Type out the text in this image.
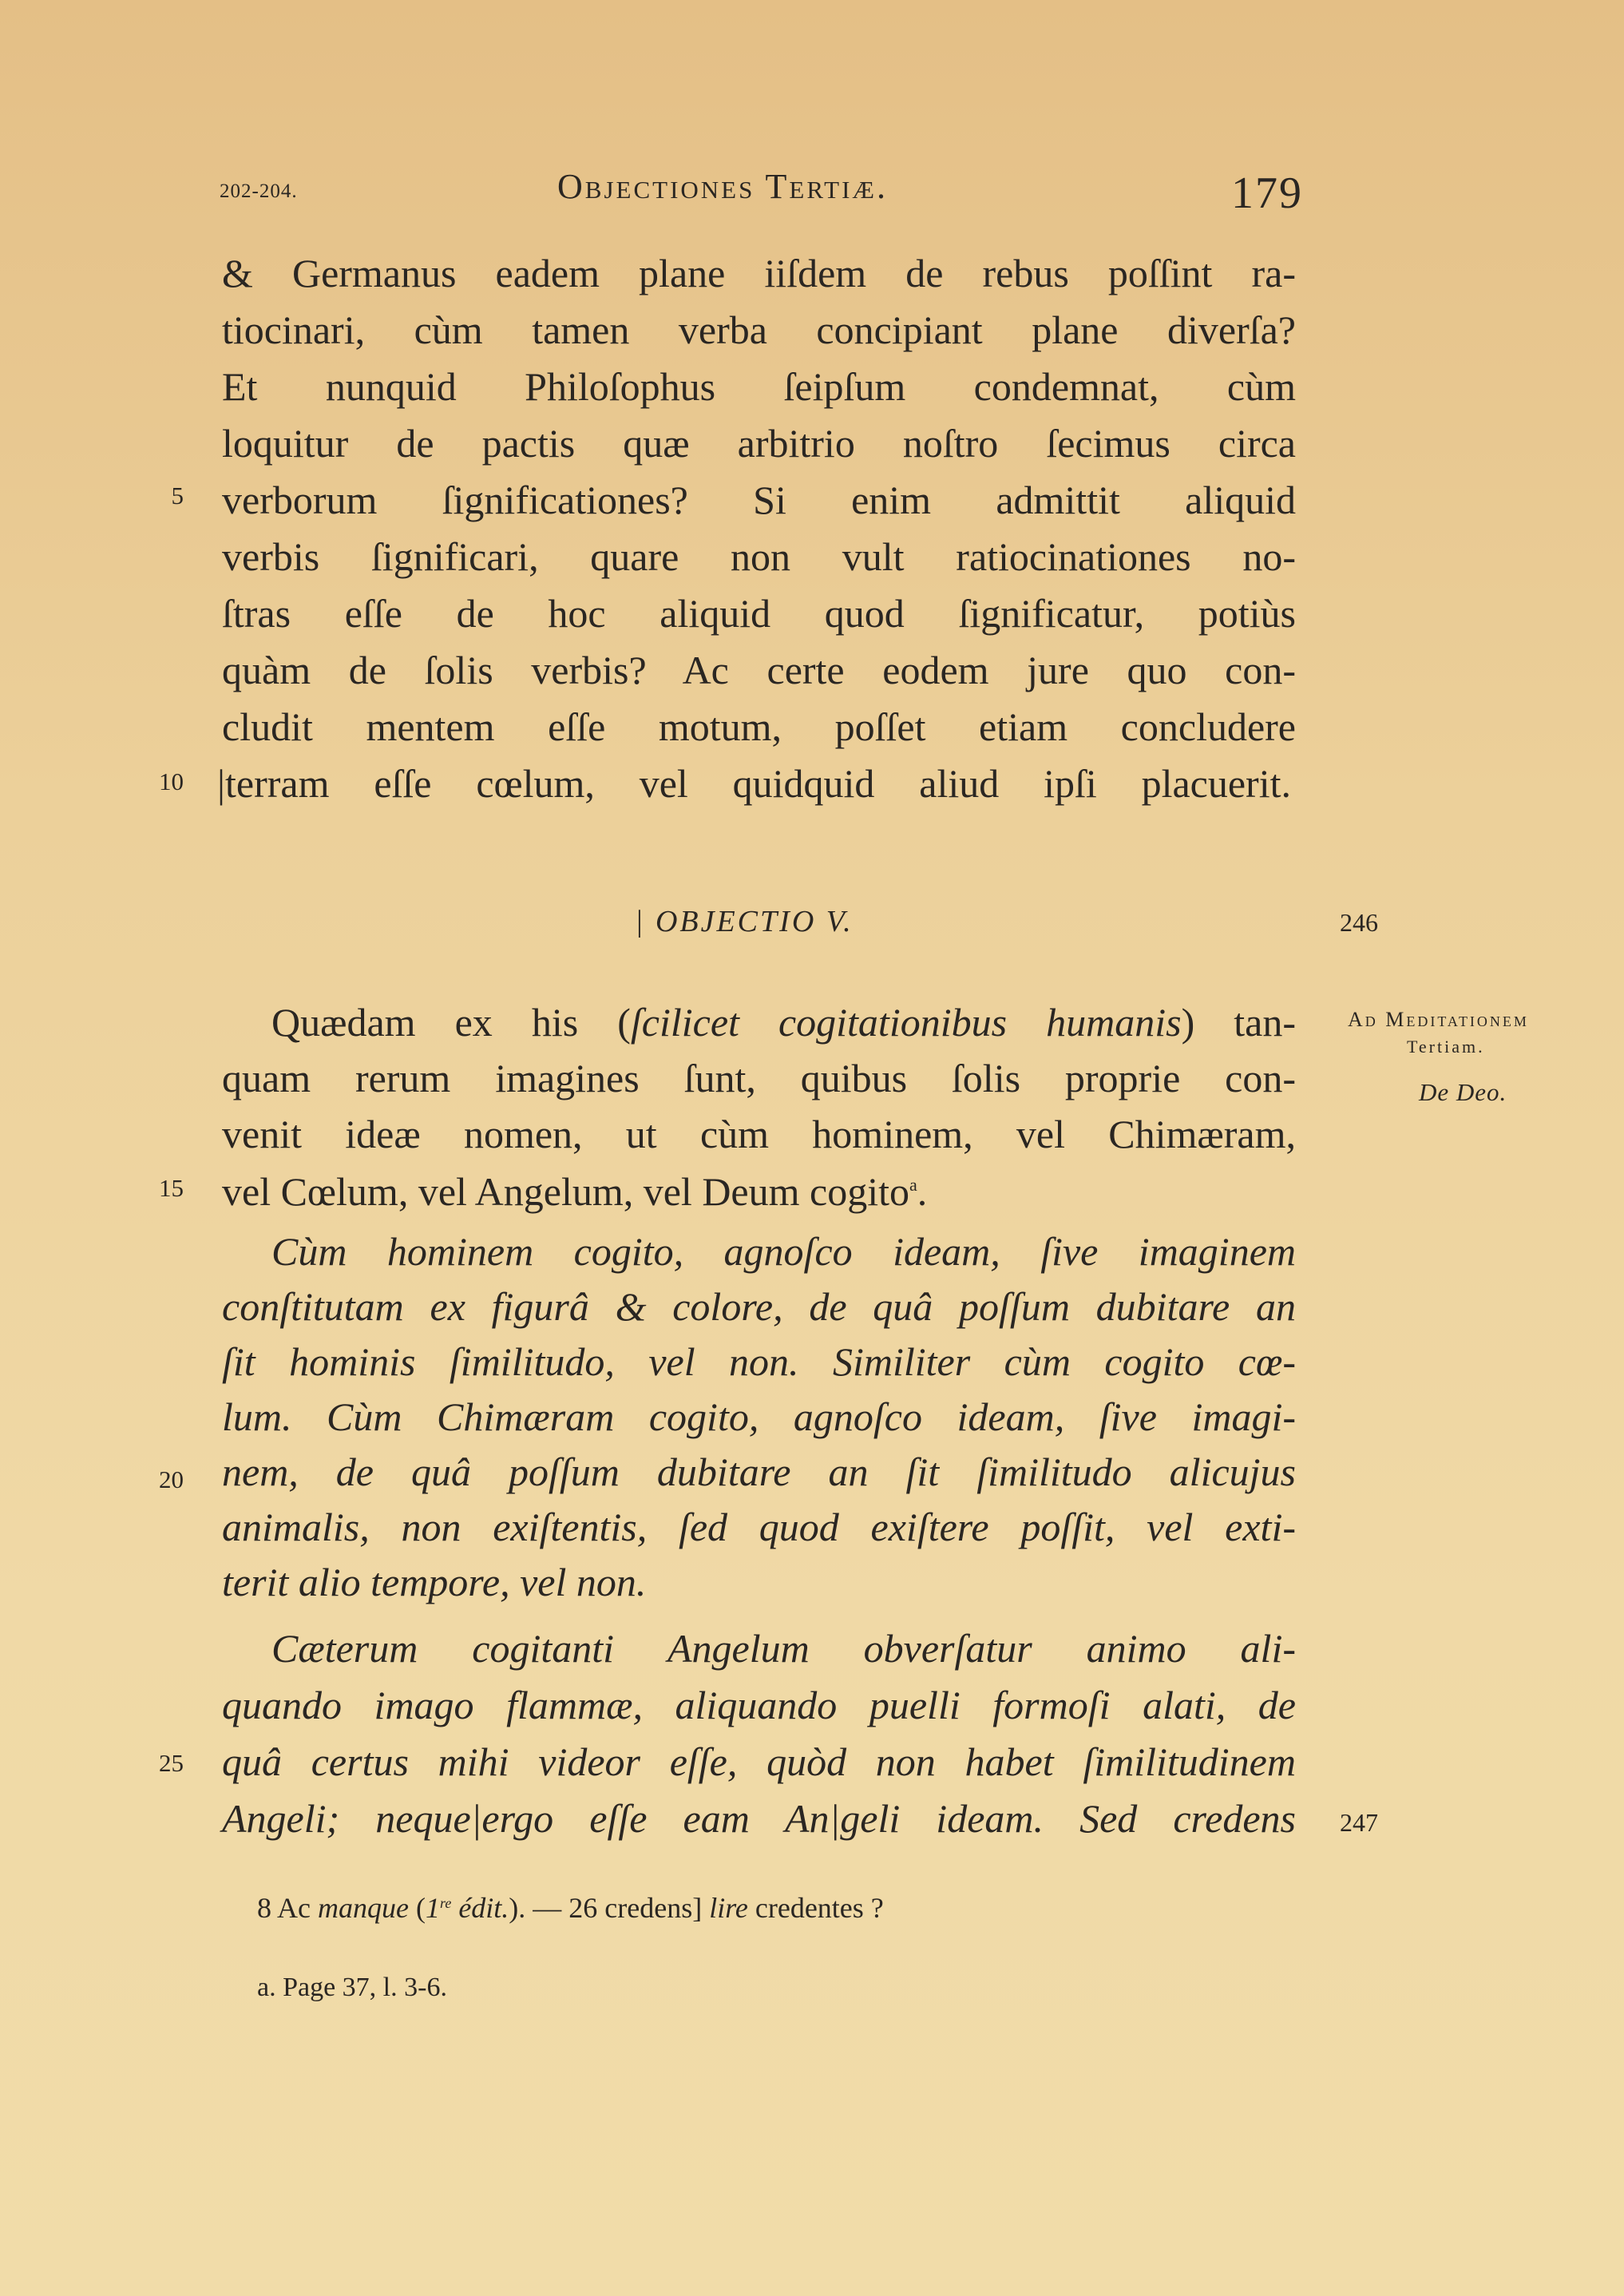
202-204.	Objectiones Tertiæ.	179
& Germanus eadem plane iiſdem de rebus poſſint ra-
tiocinari, cùm tamen verba concipiant plane diverſa?
Et nunquid Philoſophus ſeipſum condemnat, cùm
loquitur de pactis quæ arbitrio noſtro ſecimus circa
verborum ſignificationes? Si enim admittit aliquid
verbis ſignificari, quare non vult ratiocinationes no-
ſtras eſſe de hoc aliquid quod ſignificatur, potiùs
quàm de ſolis verbis? Ac certe eodem jure quo con-
cludit mentem eſſe motum, poſſet etiam concludere
|terram eſſe cœlum, vel quidquid aliud ipſi placuerit.
5
10
15
20
25
| OBJECTIO V.	246
247
Ad Meditationem
Tertiam.
De Deo.
Quædam ex his (ſcilicet cogitationibus humanis) tan-
quam rerum imagines ſunt, quibus ſolis proprie con-
venit ideæ nomen, ut cùm hominem, vel Chimæram,
vel Cœlum, vel Angelum, vel Deum cogito$^a$.
Cùm hominem cogito, agnoſco ideam, ſive imaginem
conſtitutam ex figurâ & colore, de quâ poſſum dubitare an
ſit hominis ſimilitudo, vel non. Similiter cùm cogito cœ-
lum. Cùm Chimæram cogito, agnoſco ideam, ſive imagi-
nem, de quâ poſſum dubitare an ſit ſimilitudo alicujus
animalis, non exiſtentis, ſed quod exiſtere poſſit, vel exti-
terit alio tempore, vel non.
Cæterum cogitanti Angelum obverſatur animo ali-
quando imago flammæ, aliquando puelli formoſi alati, de
quâ certus mihi videor eſſe, quòd non habet ſimilitudinem
Angeli; neque|ergo eſſe eam An|geli ideam. Sed credens
8 Ac manque (1re édit.). — 26 credens] lire credentes ?
a. Page 37, l. 3-6.
